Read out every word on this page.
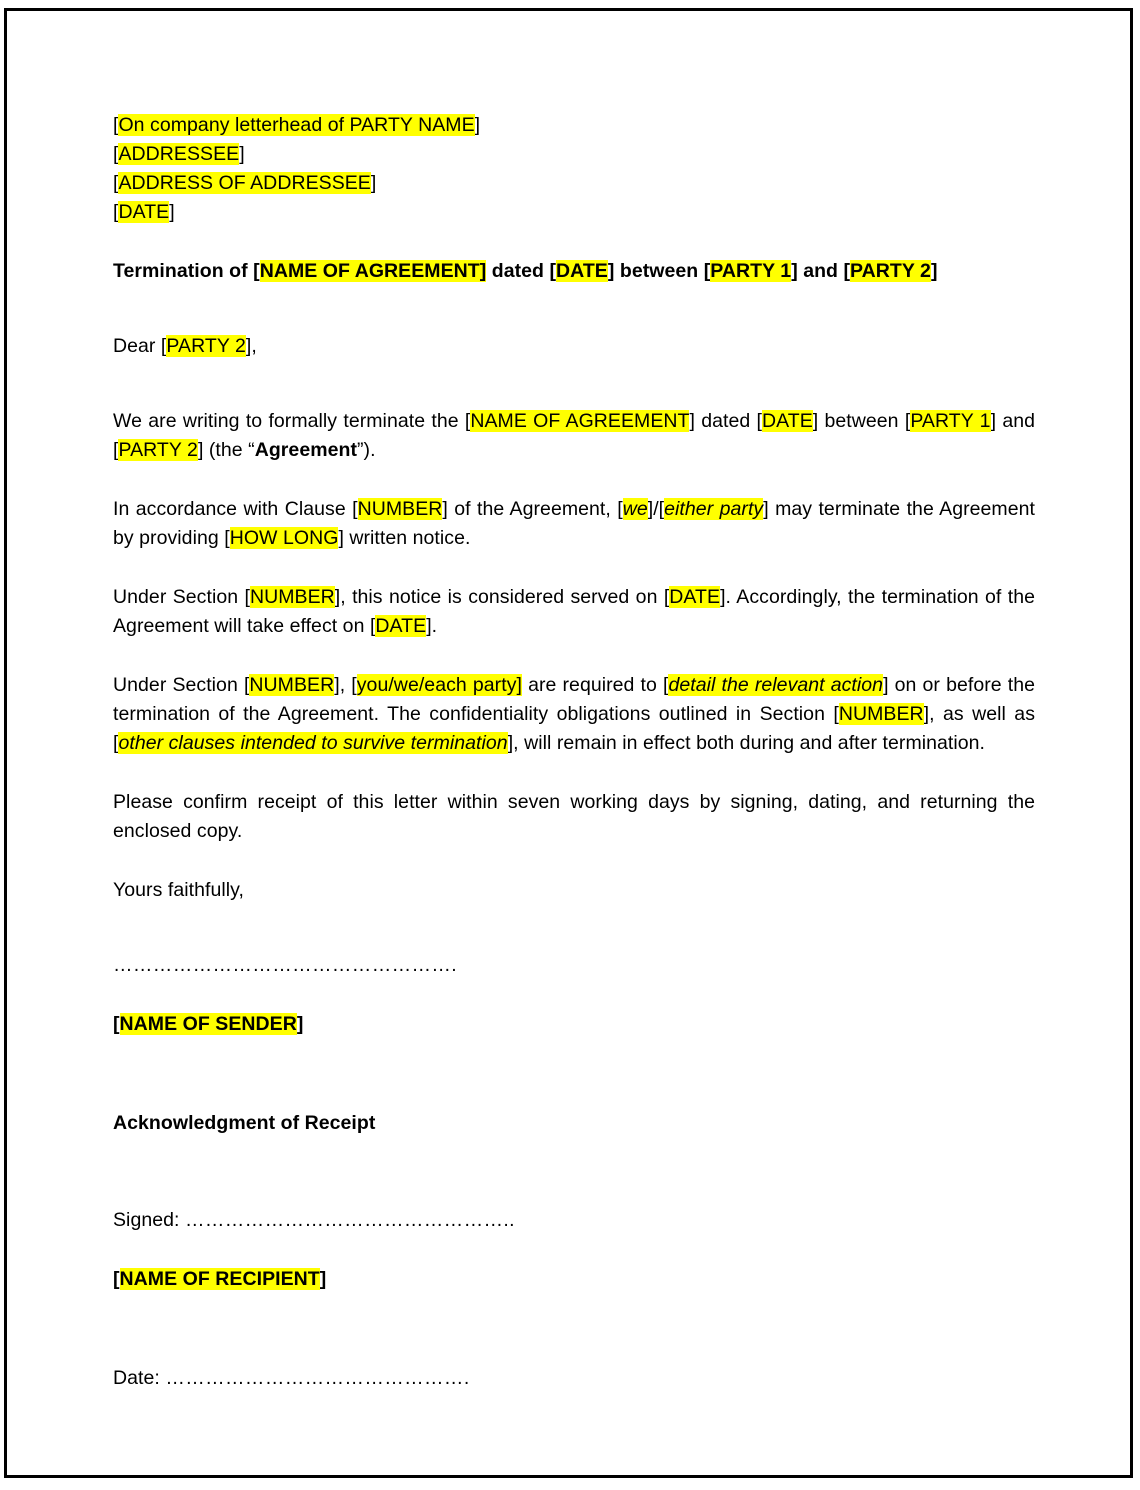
[On company letterhead of PARTY NAME]
[ADDRESSEE]
[ADDRESS OF ADDRESSEE]
[DATE]
Termination of [NAME OF AGREEMENT] dated [DATE] between [PARTY 1] and [PARTY 2]
Dear [PARTY 2],
We are writing to formally terminate the [NAME OF AGREEMENT] dated [DATE] between [PARTY 1] and [PARTY 2] (the “Agreement”).
In accordance with Clause [NUMBER] of the Agreement, [we]/[either party] may terminate the Agreement by providing [HOW LONG] written notice.
Under Section [NUMBER], this notice is considered served on [DATE]. Accordingly, the termination of the Agreement will take effect on [DATE].
Under Section [NUMBER], [you/we/each party] are required to [detail the relevant action] on or before the termination of the Agreement. The confidentiality obligations outlined in Section [NUMBER], as well as [other clauses intended to survive termination], will remain in effect both during and after termination.
Please confirm receipt of this letter within seven working days by signing, dating, and returning the enclosed copy.
Yours faithfully,
…………………………………………….
[NAME OF SENDER]
Acknowledgment of Receipt
Signed: …………………………………………..
[NAME OF RECIPIENT]
Date: ……………………………………….
